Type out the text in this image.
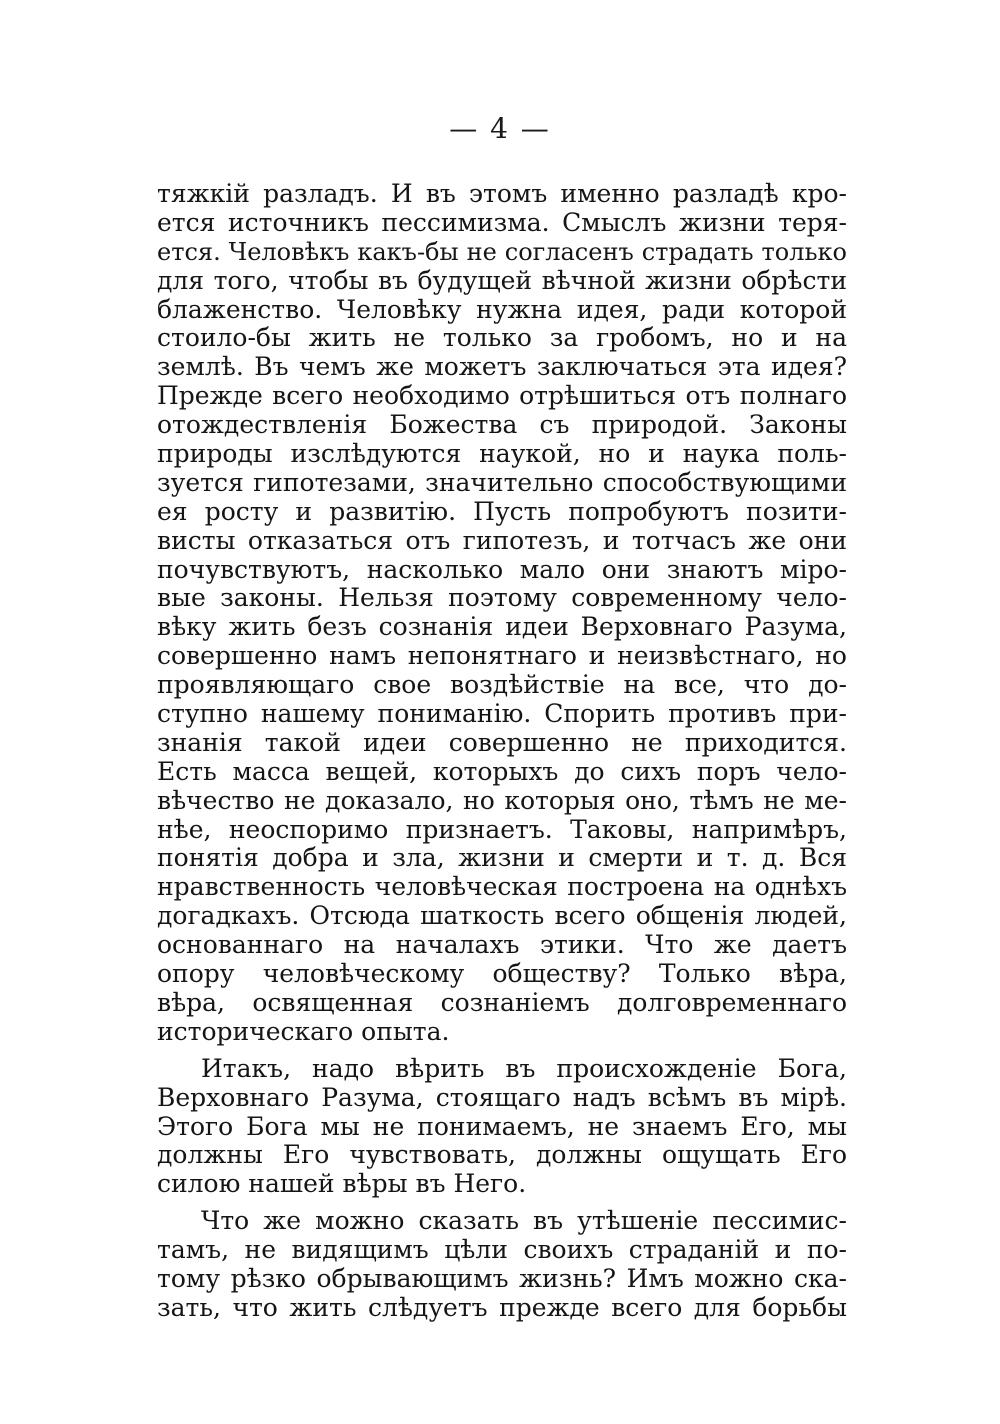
— 4 —
тяжкій разладъ. И въ этомъ именно разладѣ кро-
ется источникъ пессимизма. Смыслъ жизни теря-
ется. Человѣкъ какъ-бы не согласенъ страдать только
для того, чтобы въ будущей вѣчной жизни обрѣсти
блаженство. Человѣку нужна идея, ради которой
стоило-бы жить не только за гробомъ, но и на
землѣ. Въ чемъ же можетъ заключаться эта идея?
Прежде всего необходимо отрѣшиться отъ полнаго
отождествленія Божества съ природой. Законы
природы изслѣдуются наукой, но и наука поль-
зуется гипотезами, значительно способствующими
ея росту и развитію. Пусть попробуютъ позити-
висты отказаться отъ гипотезъ, и тотчасъ же они
почувствуютъ, насколько мало они знаютъ міро-
вые законы. Нельзя поэтому современному чело-
вѣку жить безъ сознанія идеи Верховнаго Разума,
совершенно намъ непонятнаго и неизвѣстнаго, но
проявляющаго свое воздѣйствіе на все, что до-
ступно нашему пониманію. Спорить противъ при-
знанія такой идеи совершенно не приходится.
Есть масса вещей, которыхъ до сихъ поръ чело-
вѣчество не доказало, но которыя оно, тѣмъ не ме-
нѣе, неоспоримо признаетъ. Таковы, напримѣръ,
понятія добра и зла, жизни и смерти и т. д. Вся
нравственность человѣческая построена на однѣхъ
догадкахъ. Отсюда шаткость всего общенія людей,
основаннаго на началахъ этики. Что же даетъ
опору человѣческому обществу? Только вѣра,
вѣра, освященная сознаніемъ долговременнаго
историческаго опыта.
Итакъ, надо вѣрить въ происхожденіе Бога,
Верховнаго Разума, стоящаго надъ всѣмъ въ мірѣ.
Этого Бога мы не понимаемъ, не знаемъ Его, мы
должны Его чувствовать, должны ощущать Его
силою нашей вѣры въ Него.
Что же можно сказать въ утѣшеніе пессимис-
тамъ, не видящимъ цѣли своихъ страданій и по-
тому рѣзко обрывающимъ жизнь? Имъ можно ска-
зать, что жить слѣдуетъ прежде всего для борьбы
